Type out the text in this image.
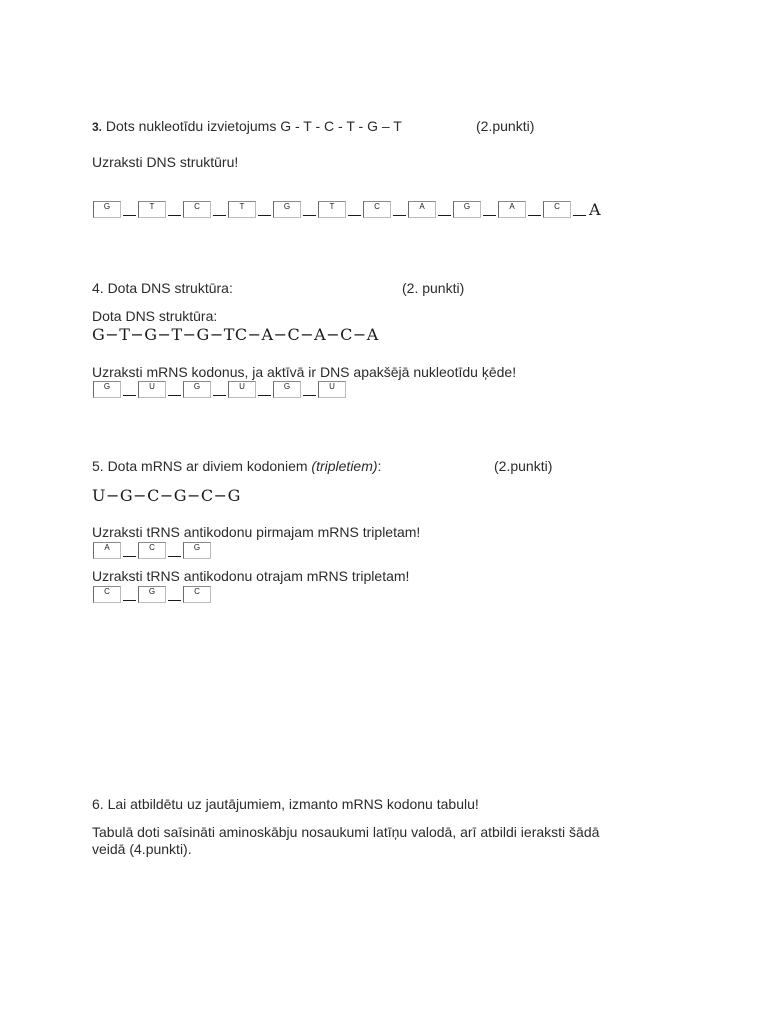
3. Dots nukleotīdu izvietojums G - T - C - T - G – T	(2.punkti)
Uzraksti DNS struktūru!
G	T	C	T	G	T	C	A	G	A	C	A
4. Dota DNS struktūra:	(2. punkti)
Dota DNS struktūra:
G−T−G−T−G−TC−A−C−A−C−A
Uzraksti mRNS kodonus, ja aktīvā ir DNS apakšējā nukleotīdu ķēde!
G	U	G	U	G	U
5. Dota mRNS ar diviem kodoniem (tripletiem):	(2.punkti)
U−G−C−G−C−G
Uzraksti tRNS antikodonu pirmajam mRNS tripletam!
A	C	G
Uzraksti tRNS antikodonu otrajam mRNS tripletam!
C	G	C
6. Lai atbildētu uz jautājumiem, izmanto mRNS kodonu tabulu!
Tabulā doti saīsināti aminoskābju nosaukumi latīņu valodā, arī atbildi ieraksti šādā
veidā (4.punkti).
